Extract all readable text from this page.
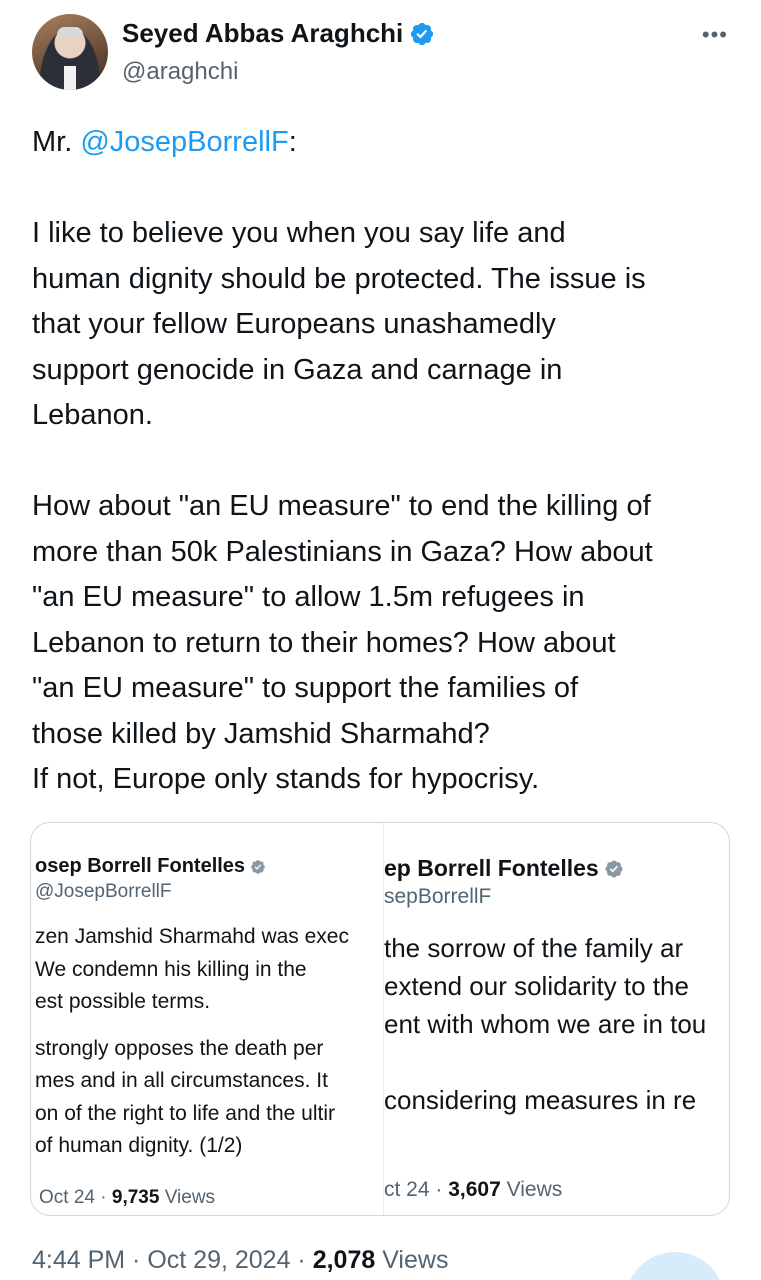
Seyed Abbas Araghchi
@araghchi
•••

Mr. @JosepBorrellF:

I like to believe you when you say life and

human dignity should be protected. The issue is

that your fellow Europeans unashamedly

support genocide in Gaza and carnage in

Lebanon.

How about "an EU measure" to end the killing of

more than 50k Palestinians in Gaza? How about

"an EU measure" to allow 1.5m refugees in

Lebanon to return to their homes? How about

"an EU measure" to support the families of

those killed by Jamshid Sharmahd?

If not, Europe only stands for hypocrisy.

osep Borrell Fontelles
@JosepBorrellF

zen Jamshid Sharmahd was exec

We condemn his killing in the

est possible terms.

strongly opposes the death per

mes and in all circumstances. It

on of the right to life and the ultir

of human dignity. (1/2)

Oct 24 · 9,735 Views
ep Borrell Fontelles
sepBorrellF

the sorrow of the family ar

extend our solidarity to the

ent with whom we are in tou

considering measures in re

ct 24 · 3,607 Views
4:44 PM · Oct 29, 2024 · 2,078 Views
